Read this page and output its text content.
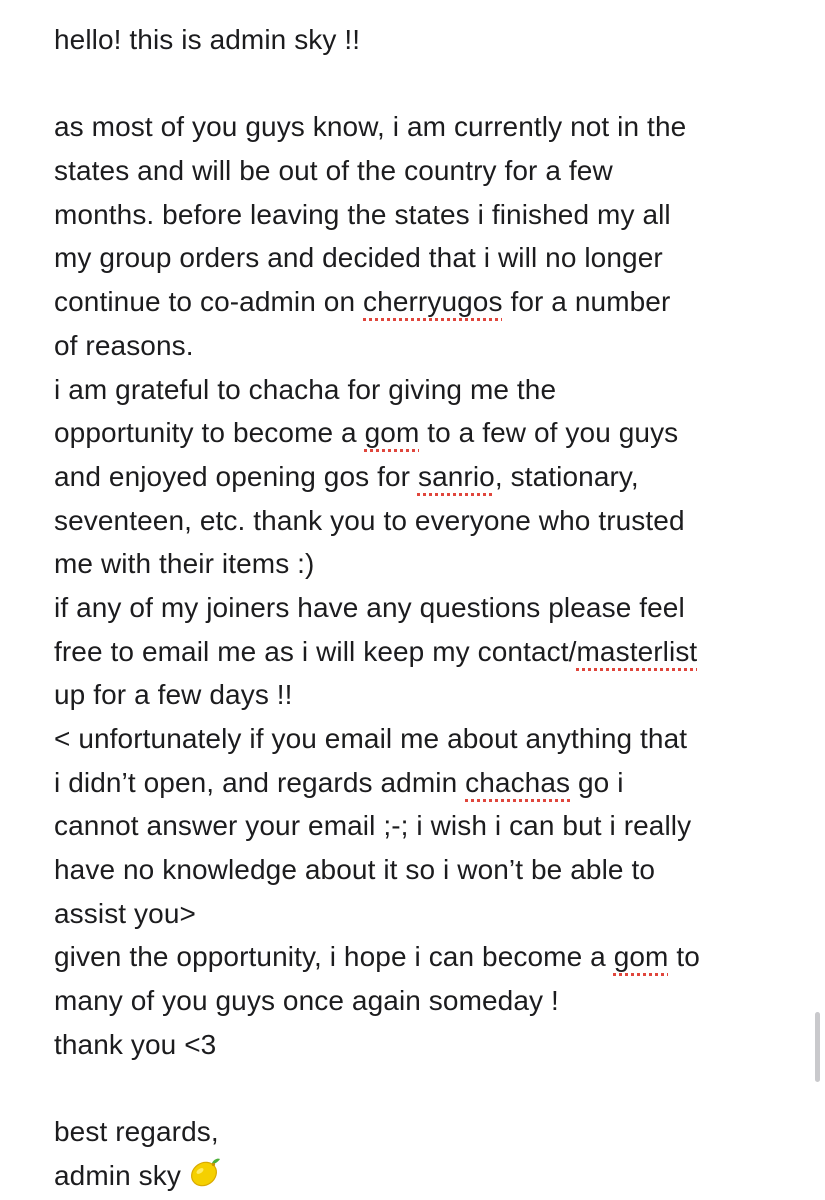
hello! this is admin sky !!
as most of you guys know, i am currently not in the
states and will be out of the country for a few
months. before leaving the states i finished my all
my group orders and decided that i will no longer
continue to co-admin on cherryugos for a number
of reasons.
i am grateful to chacha for giving me the
opportunity to become a gom to a few of you guys
and enjoyed opening gos for sanrio, stationary,
seventeen, etc. thank you to everyone who trusted
me with their items :)
if any of my joiners have any questions please feel
free to email me as i will keep my contact/masterlist
up for a few days !!
< unfortunately if you email me about anything that
i didn’t open, and regards admin chachas go i
cannot answer your email ;-; i wish i can but i really
have no knowledge about it so i won’t be able to
assist you>
given the opportunity, i hope i can become a gom to
many of you guys once again someday !
thank you <3
best regards,
admin sky
